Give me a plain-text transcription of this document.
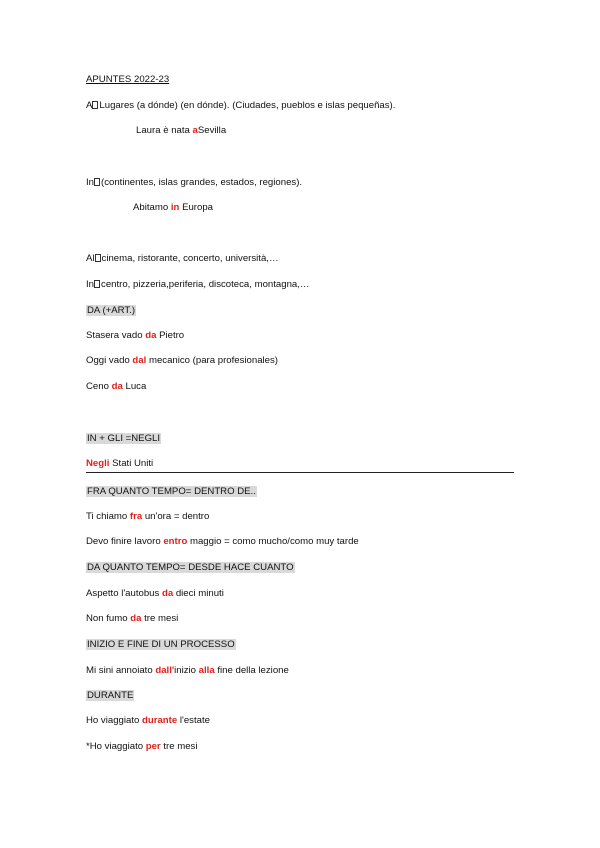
APUNTES 2022-23
A Lugares (a dónde) (en dónde). (Ciudades, pueblos e islas pequeñas).
Laura è nata aSevilla
In (continentes, islas grandes, estados, regiones).
Abitamo in Europa
Al cinema, ristorante, concerto, università,…
In centro, pizzeria,periferia, discoteca, montagna,…
DA (+ART.)
Stasera vado da Pietro
Oggi vado dal mecanico (para profesionales)
Ceno da Luca
IN + GLI =NEGLI
Negli Stati Uniti
FRA QUANTO TEMPO= DENTRO DE..
Ti chiamo fra un'ora = dentro
Devo finire lavoro entro maggio = como mucho/como muy tarde
DA QUANTO TEMPO= DESDE HACE CUANTO
Aspetto l'autobus da dieci minuti
Non fumo da tre mesi
INIZIO E FINE DI UN PROCESSO
Mi sini annoiato dall'inizio alla fine della lezione
DURANTE
Ho viaggiato durante l'estate
*Ho viaggiato per tre mesi
